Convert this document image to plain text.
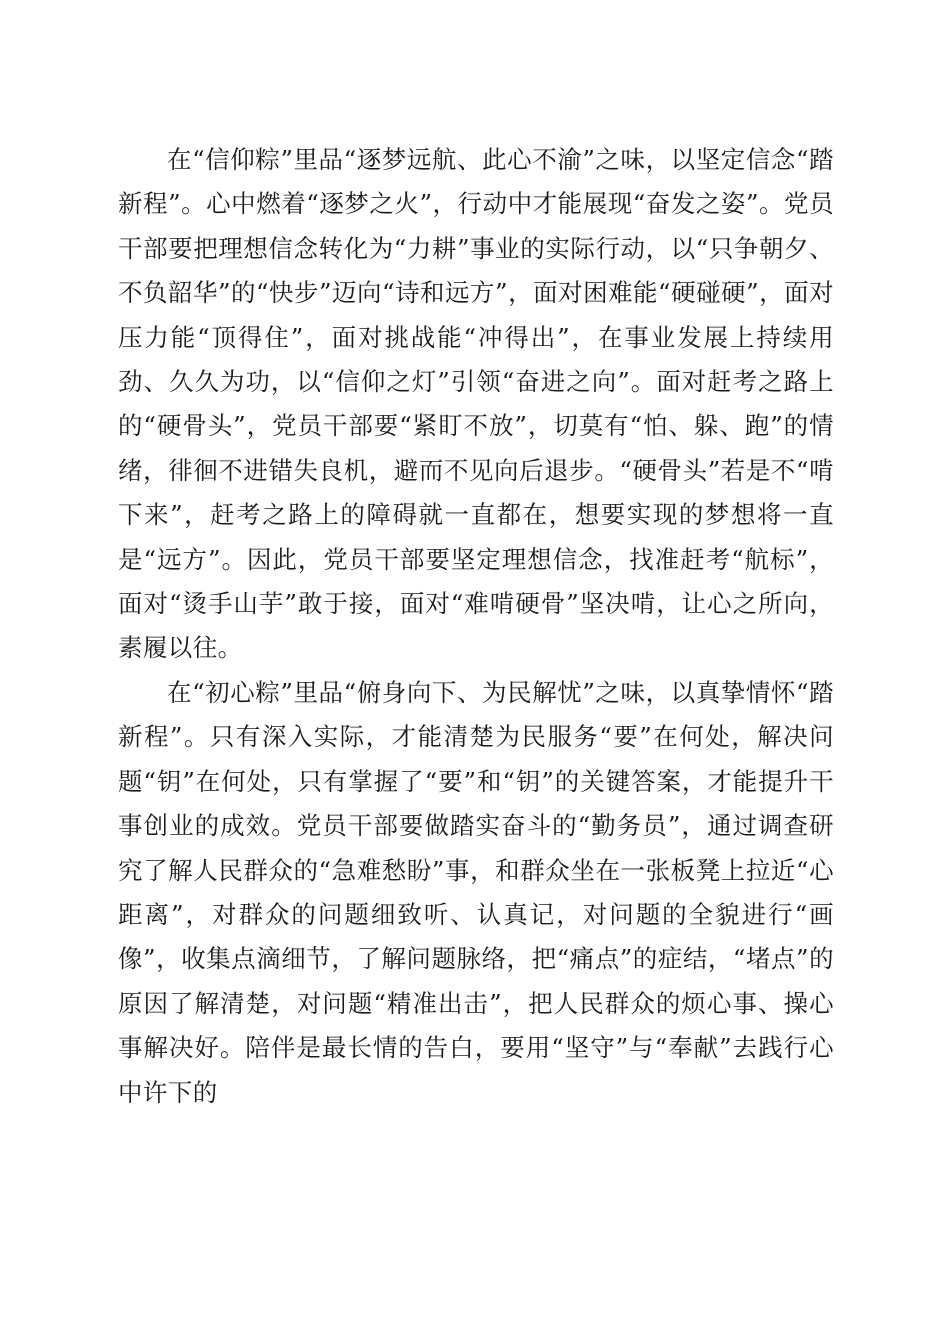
在“信仰粽”里品“逐梦远航、此心不渝”之味，以坚定信念“踏新程”。心中燃着“逐梦之火”，行动中才能展现“奋发之姿”。党员干部要把理想信念转化为“力耕”事业的实际行动，以“只争朝夕、不负韶华”的“快步”迈向“诗和远方”，面对困难能“硬碰硬”，面对压力能“顶得住”，面对挑战能“冲得出”，在事业发展上持续用劲、久久为功，以“信仰之灯”引领“奋进之向”。面对赶考之路上的“硬骨头”，党员干部要“紧盯不放”，切莫有“怕、躲、跑”的情绪，徘徊不进错失良机，避而不见向后退步。“硬骨头”若是不“啃下来”，赶考之路上的障碍就一直都在，想要实现的梦想将一直是“远方”。因此，党员干部要坚定理想信念，找准赶考“航标”，面对“烫手山芋”敢于接，面对“难啃硬骨”坚决啃，让心之所向，素履以往。

在“初心粽”里品“俯身向下、为民解忧”之味，以真挚情怀“踏新程”。只有深入实际，才能清楚为民服务“要”在何处，解决问题“钥”在何处，只有掌握了“要”和“钥”的关键答案，才能提升干事创业的成效。党员干部要做踏实奋斗的“勤务员”，通过调查研究了解人民群众的“急难愁盼”事，和群众坐在一张板凳上拉近“心距离”，对群众的问题细致听、认真记，对问题的全貌进行“画像”，收集点滴细节，了解问题脉络，把“痛点”的症结，“堵点”的原因了解清楚，对问题“精准出击”，把人民群众的烦心事、操心事解决好。陪伴是最长情的告白，要用“坚守”与“奉献”去践行心中许下的
